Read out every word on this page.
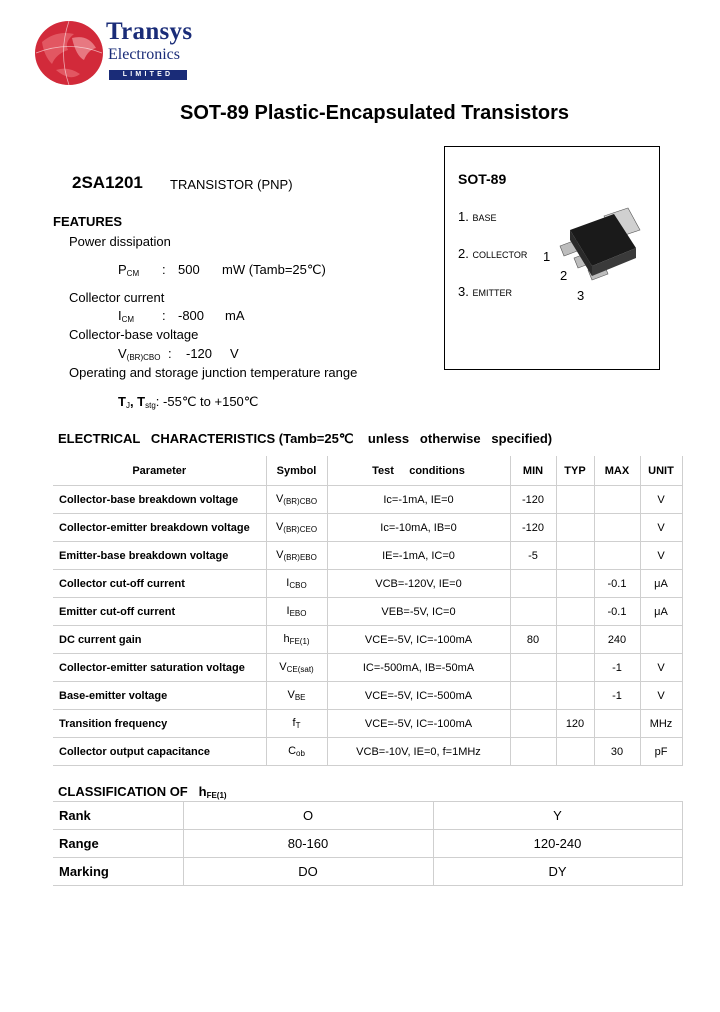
Transys
Electronics
LIMITED
SOT-89 Plastic-Encapsulated Transistors
2SA1201 TRANSISTOR (PNP)	SOT-89
1. BASE
2. COLLECTOR
3. EMITTER
1
2
3
FEATURES
Power dissipation
$P_{CM}$ : 500 mW (Tamb=25℃)
Collector current
$I_{CM}$ : -800 mA
Collector-base voltage
$V_{(BR)CBO}$ : -120 V
Operating and storage junction temperature range
$T_J$, $T_{stg}$: -55℃ to +150℃
ELECTRICAL   CHARACTERISTICS (Tamb=25℃    unless   otherwise   specified)
Parameter	Symbol	Test     conditions	MIN	TYP	MAX	UNIT
Collector-base breakdown voltage	$V_{(BR)CBO}$	Ic=-1mA, IE=0	-120			V
Collector-emitter breakdown voltage	$V_{(BR)CEO}$	Ic=-10mA, IB=0	-120			V
Emitter-base breakdown voltage	$V_{(BR)EBO}$	IE=-1mA, IC=0	-5			V
Collector cut-off current	$I_{CBO}$	VCB=-120V, IE=0			-0.1	μA
Emitter cut-off current	$I_{EBO}$	VEB=-5V, IC=0			-0.1	μA
DC current gain	$h_{FE(1)}$	VCE=-5V, IC=-100mA	80		240	
Collector-emitter saturation voltage	$V_{CE(sat)}$	IC=-500mA, IB=-50mA			-1	V
Base-emitter voltage	$V_{BE}$	VCE=-5V, IC=-500mA			-1	V
Transition frequency	$f_T$	VCE=-5V, IC=-100mA		120		MHz
Collector output capacitance	$C_{ob}$	VCB=-10V, IE=0, f=1MHz			30	pF
CLASSIFICATION OF $h_{FE(1)}$
Rank	O	Y
Range	80-160	120-240
Marking	DO	DY
